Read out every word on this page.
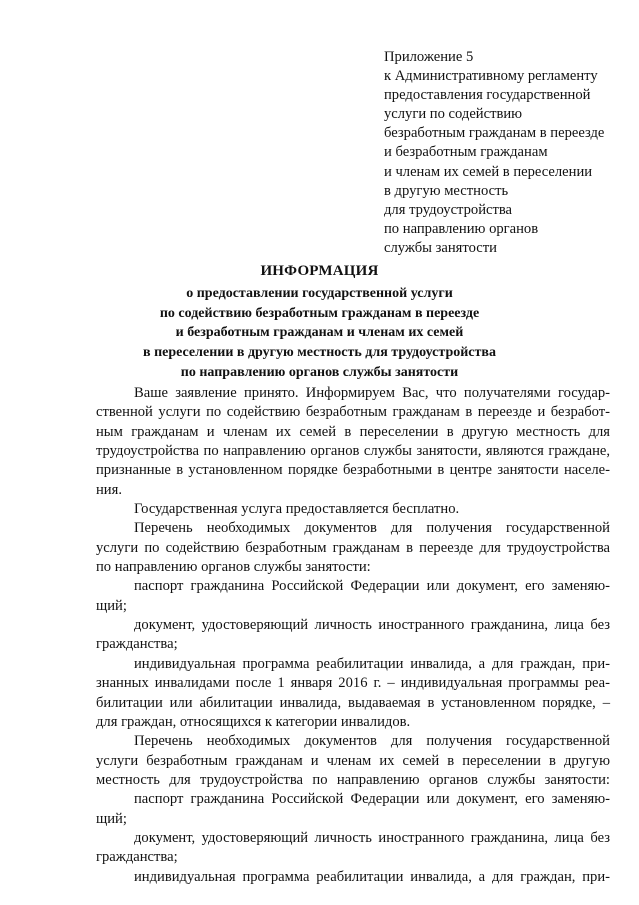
Приложение 5
к Административному регламенту
предоставления государственной
услуги по содействию
безработным гражданам в переезде
и безработным гражданам
и членам их семей в переселении
в другую местность
для трудоустройства
по направлению органов
службы занятости
ИНФОРМАЦИЯ
о предоставлении государственной услуги
по содействию безработным гражданам в переезде
и безработным гражданам и членам их семей
в переселении в другую местность для трудоустройства
по направлению органов службы занятости
Ваше заявление принято. Информируем Вас, что получателями государ-
ственной услуги по содействию безработным гражданам в переезде и безработ-
ным гражданам и членам их семей в переселении в другую местность для
трудоустройства по направлению органов службы занятости, являются граждане,
признанные в установленном порядке безработными в центре занятости населе-
ния.
Государственная услуга предоставляется бесплатно.
Перечень необходимых документов для получения государственной
услуги по содействию безработным гражданам в переезде для трудоустройства
по направлению органов службы занятости:
паспорт гражданина Российской Федерации или документ, его заменяю-
щий;
документ, удостоверяющий личность иностранного гражданина, лица без
гражданства;
индивидуальная программа реабилитации инвалида, а для граждан, при-
знанных инвалидами после 1 января 2016 г. – индивидуальная программы реа-
билитации или абилитации инвалида, выдаваемая в установленном порядке, –
для граждан, относящихся к категории инвалидов.
Перечень необходимых документов для получения государственной
услуги безработным гражданам и членам их семей в переселении в другую
местность для трудоустройства по направлению органов службы занятости:
паспорт гражданина Российской Федерации или документ, его заменяю-
щий;
документ, удостоверяющий личность иностранного гражданина, лица без
гражданства;
индивидуальная программа реабилитации инвалида, а для граждан, при-
